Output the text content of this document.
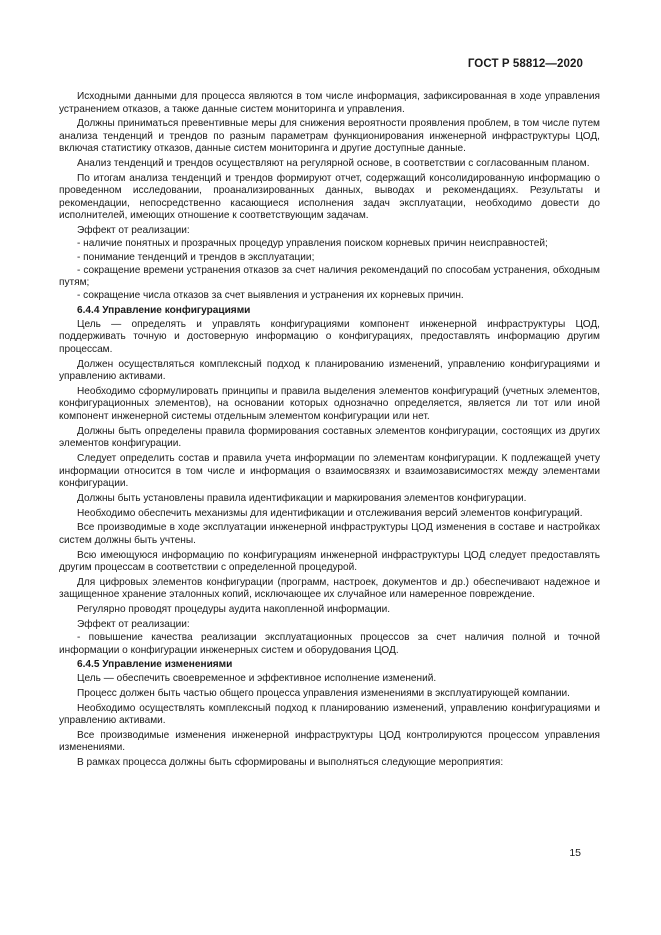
ГОСТ Р 58812—2020

Исходными данными для процесса являются в том числе информация, зафиксированная в ходе управления устранением отказов, а также данные систем мониторинга и управления.

Должны приниматься превентивные меры для снижения вероятности проявления проблем, в том числе путем анализа тенденций и трендов по разным параметрам функционирования инженерной инфраструктуры ЦОД, включая статистику отказов, данные систем мониторинга и другие доступные данные.

Анализ тенденций и трендов осуществляют на регулярной основе, в соответствии с согласованным планом.

По итогам анализа тенденций и трендов формируют отчет, содержащий консолидированную информацию о проведенном исследовании, проанализированных данных, выводах и рекомендациях. Результаты и рекомендации, непосредственно касающиеся исполнения задач эксплуатации, необходимо довести до исполнителей, имеющих отношение к соответствующим задачам.

Эффект от реализации:

- наличие понятных и прозрачных процедур управления поиском корневых причин неисправностей;

- понимание тенденций и трендов в эксплуатации;

- сокращение времени устранения отказов за счет наличия рекомендаций по способам устранения, обходным путям;

- сокращение числа отказов за счет выявления и устранения их корневых причин.

6.4.4 Управление конфигурациями

Цель — определять и управлять конфигурациями компонент инженерной инфраструктуры ЦОД, поддерживать точную и достоверную информацию о конфигурациях, предоставлять информацию другим процессам.

Должен осуществляться комплексный подход к планированию изменений, управлению конфигурациями и управлению активами.

Необходимо сформулировать принципы и правила выделения элементов конфигураций (учетных элементов, конфигурационных элементов), на основании которых однозначно определяется, является ли тот или иной компонент инженерной системы отдельным элементом конфигурации или нет.

Должны быть определены правила формирования составных элементов конфигурации, состоящих из других элементов конфигурации.

Следует определить состав и правила учета информации по элементам конфигурации. К подлежащей учету информации относится в том числе и информация о взаимосвязях и взаимозависимостях между элементами конфигурации.

Должны быть установлены правила идентификации и маркирования элементов конфигурации.

Необходимо обеспечить механизмы для идентификации и отслеживания версий элементов конфигураций.

Все производимые в ходе эксплуатации инженерной инфраструктуры ЦОД изменения в составе и настройках систем должны быть учтены.

Всю имеющуюся информацию по конфигурациям инженерной инфраструктуры ЦОД следует предоставлять другим процессам в соответствии с определенной процедурой.

Для цифровых элементов конфигурации (программ, настроек, документов и др.) обеспечивают надежное и защищенное хранение эталонных копий, исключающее их случайное или намеренное повреждение.

Регулярно проводят процедуры аудита накопленной информации.

Эффект от реализации:

- повышение качества реализации эксплуатационных процессов за счет наличия полной и точной информации о конфигурации инженерных систем и оборудования ЦОД.

6.4.5 Управление изменениями

Цель — обеспечить своевременное и эффективное исполнение изменений.

Процесс должен быть частью общего процесса управления изменениями в эксплуатирующей компании.

Необходимо осуществлять комплексный подход к планированию изменений, управлению конфигурациями и управлению активами.

Все производимые изменения инженерной инфраструктуры ЦОД контролируются процессом управления изменениями.

В рамках процесса должны быть сформированы и выполняться следующие мероприятия:

15
